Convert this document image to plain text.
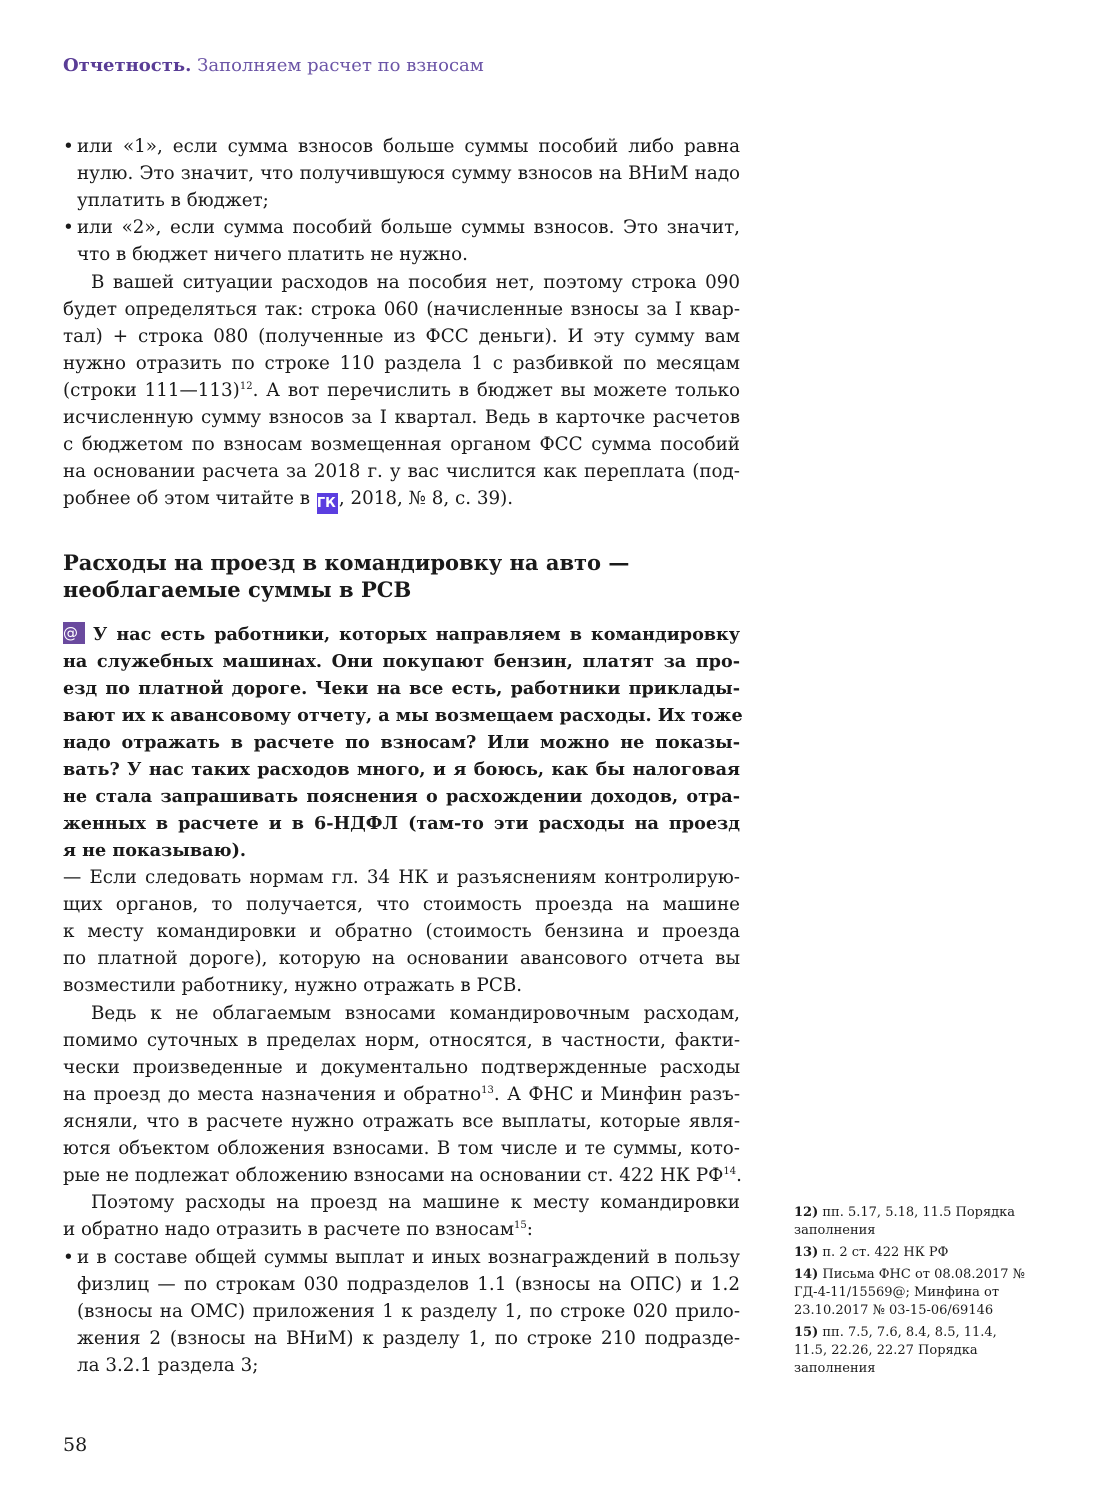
Отчетность. Заполняем расчет по взносам
• или «1», если сумма взносов больше суммы пособий либо равна
нулю. Это значит, что получившуюся сумму взносов на ВНиМ надо
уплатить в бюджет;
• или «2», если сумма пособий больше суммы взносов. Это значит,
что в бюджет ничего платить не нужно.
В вашей ситуации расходов на пособия нет, поэтому строка 090
будет определяться так: строка 060 (начисленные взносы за I квар-
тал) + строка 080 (полученные из ФСС деньги). И эту сумму вам
нужно отразить по строке 110 раздела 1 с разбивкой по месяцам
(строки 111—113)$^{12}$. А вот перечислить в бюджет вы можете только
исчисленную сумму взносов за I квартал. Ведь в карточке расчетов
с бюджетом по взносам возмещенная органом ФСС сумма пособий
на основании расчета за 2018 г. у вас числится как переплата (под-
робнее об этом читайте в ГК , 2018, № 8, с. 39).
@ У нас есть работники, которых направляем в командировку
на служебных машинах. Они покупают бензин, платят за про-
езд по платной дороге. Чеки на все есть, работники приклады-
вают их к авансовому отчету, а мы возмещаем расходы. Их тоже
надо отражать в расчете по взносам? Или можно не показы-
вать? У нас таких расходов много, и я боюсь, как бы налоговая
не стала запрашивать пояснения о расхождении доходов, отра-
женных в расчете и в 6-НДФЛ (там-то эти расходы на проезд
я не показываю).
— Если следовать нормам гл. 34 НК и разъяснениям контролирую-
щих органов, то получается, что стоимость проезда на машине
к месту командировки и обратно (стоимость бензина и проезда
по платной дороге), которую на основании авансового отчета вы
возместили работнику, нужно отражать в РСВ.
Ведь к не облагаемым взносами командировочным расходам,
помимо суточных в пределах норм, относятся, в частности, факти-
чески произведенные и документально подтвержденные расходы
на проезд до места назначения и обратно$^{13}$. А ФНС и Минфин разъ-
ясняли, что в расчете нужно отражать все выплаты, которые явля-
ются объектом обложения взносами. В том числе и те суммы, кото-
рые не подлежат обложению взносами на основании ст. 422 НК РФ$^{14}$.
Поэтому расходы на проезд на машине к месту командировки
и обратно надо отразить в расчете по взносам$^{15}$:
• и в составе общей суммы выплат и иных вознаграждений в пользу
физлиц — по строкам 030 подразделов 1.1 (взносы на ОПС) и 1.2
(взносы на ОМС) приложения 1 к разделу 1, по строке 020 прило-
жения 2 (взносы на ВНиМ) к разделу 1, по строке 210 подразде-
ла 3.2.1 раздела 3;
Расходы на проезд в командировку на авто —
необлагаемые суммы в РСВ
12) пп. 5.17, 5.18, 11.5 Порядка заполнения
13) п. 2 ст. 422 НК РФ
14) Письма ФНС от 08.08.2017 № ГД-4-11/15569@; Минфина от 23.10.2017 № 03-15-06/69146
15) пп. 7.5, 7.6, 8.4, 8.5, 11.4, 11.5, 22.26, 22.27 Порядка заполнения
58
